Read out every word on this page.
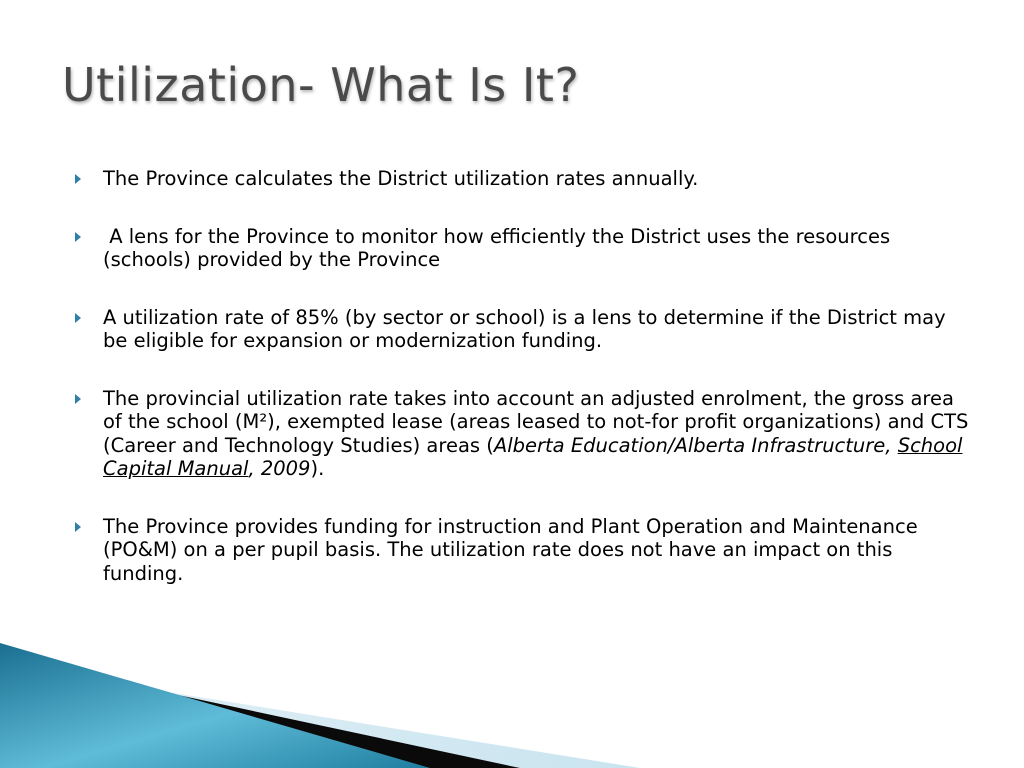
Utilization- What Is It?
The Province calculates the District utilization rates annually.
A lens for the Province to monitor how efficiently the District uses the resources (schools) provided by the Province
A utilization rate of 85% (by sector or school) is a lens to determine if the District may be eligible for expansion or modernization funding.
The provincial utilization rate takes into account an adjusted enrolment, the gross area of the school (M²), exempted lease (areas leased to not-for profit organizations) and CTS (Career and Technology Studies) areas (Alberta Education/Alberta Infrastructure, School Capital Manual, 2009).
The Province provides funding for instruction and Plant Operation and Maintenance (PO&M) on a per pupil basis. The utilization rate does not have an impact on this funding.
